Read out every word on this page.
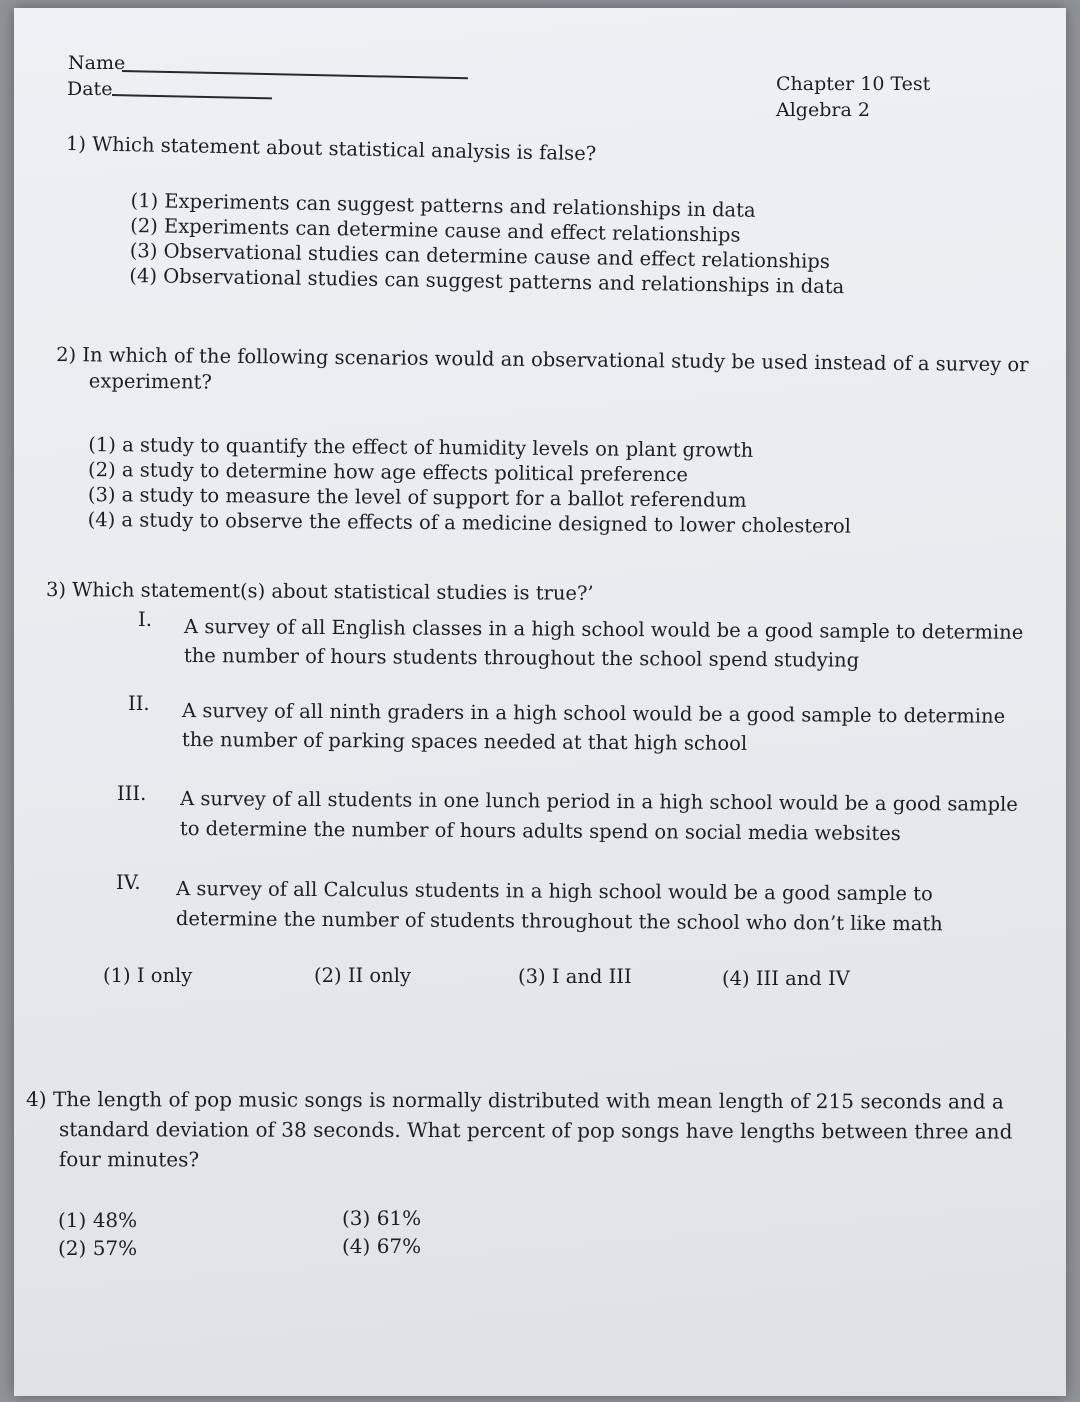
Name
Date	Chapter 10 Test
Algebra 2
1) Which statement about statistical analysis is false?
(1) Experiments can suggest patterns and relationships in data
(2) Experiments can determine cause and effect relationships
(3) Observational studies can determine cause and effect relationships
(4) Observational studies can suggest patterns and relationships in data
2) In which of the following scenarios would an observational study be used instead of a survey or
experiment?
(1) a study to quantify the effect of humidity levels on plant growth
(2) a study to determine how age effects political preference
(3) a study to measure the level of support for a ballot referendum
(4) a study to observe the effects of a medicine designed to lower cholesterol
3) Which statement(s) about statistical studies is true?’
I. A survey of all English classes in a high school would be a good sample to determine
the number of hours students throughout the school spend studying
II. A survey of all ninth graders in a high school would be a good sample to determine
the number of parking spaces needed at that high school
III. A survey of all students in one lunch period in a high school would be a good sample
to determine the number of hours adults spend on social media websites
IV. A survey of all Calculus students in a high school would be a good sample to
determine the number of students throughout the school who don’t like math
(1) I only	(2) II only	(3) I and III	(4) III and IV
4) The length of pop music songs is normally distributed with mean length of 215 seconds and a
standard deviation of 38 seconds. What percent of pop songs have lengths between three and
four minutes?
(1) 48%
(2) 57%
(3) 61%
(4) 67%
